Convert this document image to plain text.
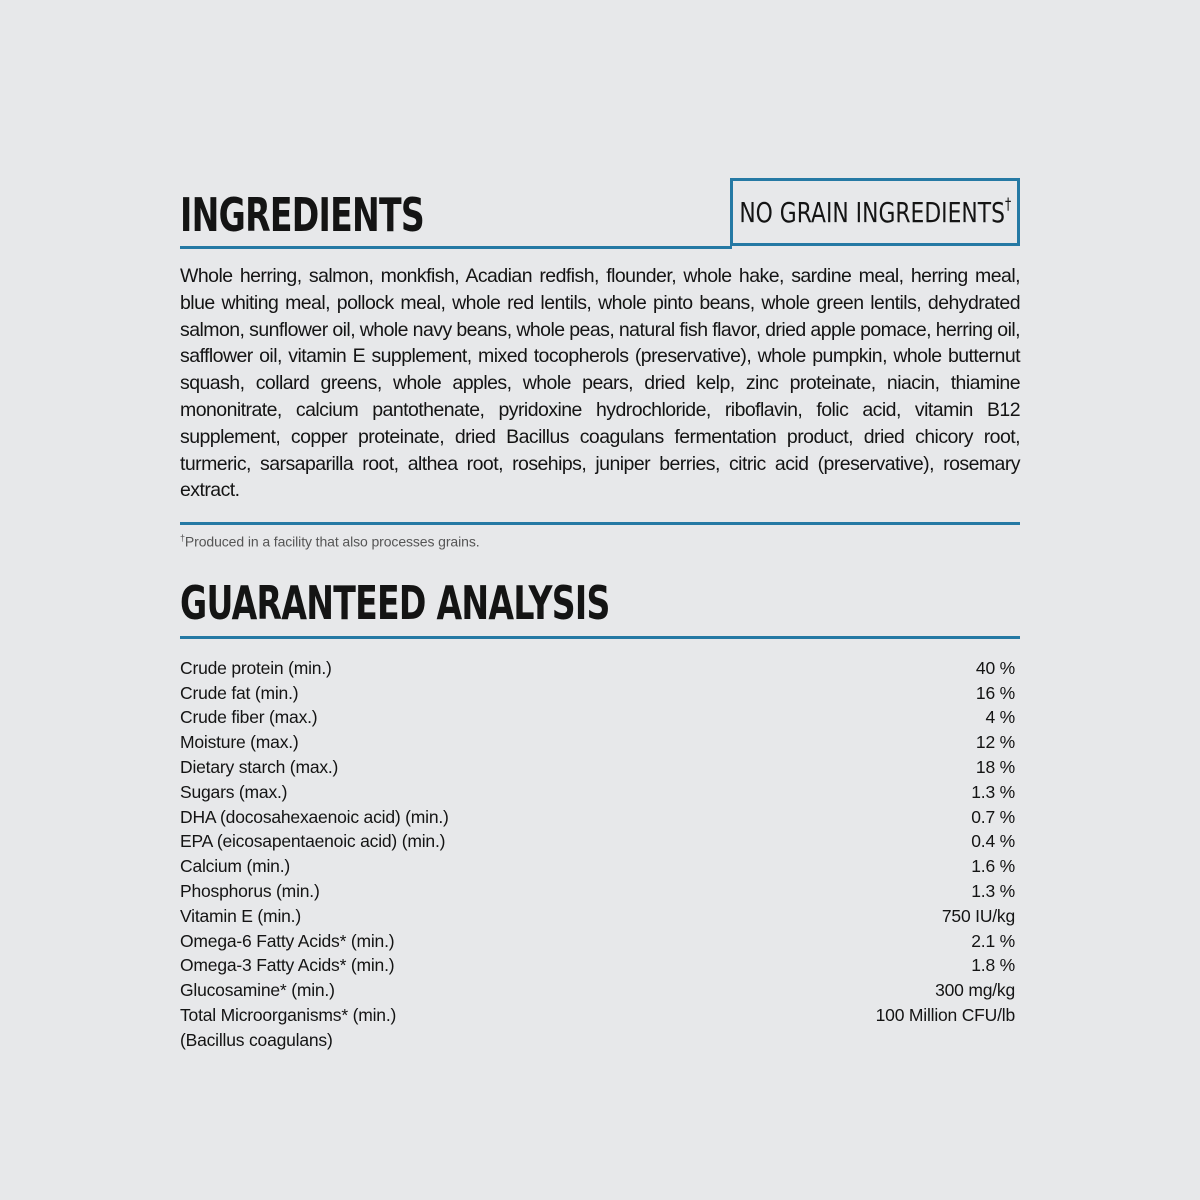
INGREDIENTS	NO GRAIN INGREDIENTS†

Whole herring, salmon, monkfish, Acadian redfish, flounder, whole hake, sardine meal, herring meal, blue whiting meal, pollock meal, whole red lentils, whole pinto beans, whole green lentils, dehydrated salmon, sunflower oil, whole navy beans, whole peas, natural fish flavor, dried apple pomace, herring oil, safflower oil, vitamin E supplement, mixed tocopherols (preservative), whole pumpkin, whole butternut squash, collard greens, whole apples, whole pears, dried kelp, zinc proteinate, niacin, thiamine mononitrate, calcium pantothenate, pyridoxine hydrochloride, riboflavin, folic acid, vitamin B12 supplement, copper proteinate, dried Bacillus coagulans fermentation product, dried chicory root, turmeric, sarsaparilla root, althea root, rosehips, juniper berries, citric acid (preservative), rosemary extract.

†Produced in a facility that also processes grains.
GUARANTEED ANALYSIS
Crude protein (min.)	40 %
Crude fat (min.)	16 %
Crude fiber (max.)	4 %
Moisture (max.)	12 %
Dietary starch (max.)	18 %
Sugars (max.)	1.3 %
DHA (docosahexaenoic acid) (min.)	0.7 %
EPA (eicosapentaenoic acid) (min.)	0.4 %
Calcium (min.)	1.6 %
Phosphorus (min.)	1.3 %
Vitamin E (min.)	750 IU/kg
Omega-6 Fatty Acids* (min.)	2.1 %
Omega-3 Fatty Acids* (min.)	1.8 %
Glucosamine* (min.)	300 mg/kg
Total Microorganisms* (min.)	100 Million CFU/lb
(Bacillus coagulans)
